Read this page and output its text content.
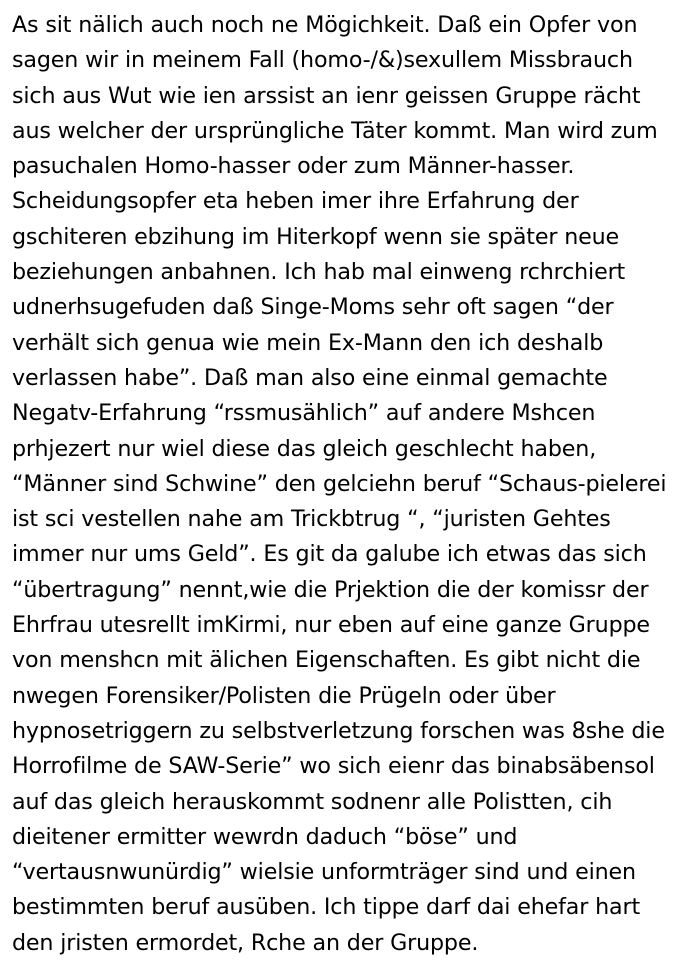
As sit nälich auch noch ne Mögichkeit. Daß ein Opfer von sagen wir in meinem Fall (homo-/&)sexullem Missbrauch sich aus Wut wie ien arssist an ienr geissen Gruppe rächt aus welcher der ursprüngliche Täter kommt. Man wird zum pasuchalen Homo-hasser oder zum Männer-hasser. Scheidungsopfer eta heben imer ihre Erfahrung der gschiteren ebzihung im Hiterkopf wenn sie später neue beziehungen anbahnen. Ich hab mal einweng rchrchiert udnerhsugefuden daß Singe-Moms sehr oft sagen “der verhält sich genua wie mein Ex-Mann den ich deshalb verlassen habe”. Daß man also eine einmal gemachte Negatv-Erfahrung “rssmusählich” auf andere Mshcen prhjezert nur wiel diese das gleich geschlecht haben, “Männer sind Schwine” den gelciehn beruf “Schaus-pielerei ist sci vestellen nahe am Trickbtrug “, “juristen Gehtes immer nur ums Geld”. Es git da galube ich etwas das sich “übertragung” nennt,wie die Prjektion die der komissr der Ehrfrau utesrellt imKirmi, nur eben auf eine ganze Gruppe von menshcn mit älichen Eigenschaften. Es gibt nicht die nwegen Forensiker/Polisten die Prügeln oder über hypnosetriggern zu selbstverletzung forschen was 8she die Horrofilme de SAW-Serie” wo sich eienr das binabsäbensol auf das gleich herauskommt sodnenr alle Polistten, cih dieitener ermitter wewrdn daduch “böse” und “vertausnwunürdig” wielsie unformträger sind und einen bestimmten beruf ausüben. Ich tippe darf dai ehefar hart den jristen ermordet, Rche an der Gruppe.
